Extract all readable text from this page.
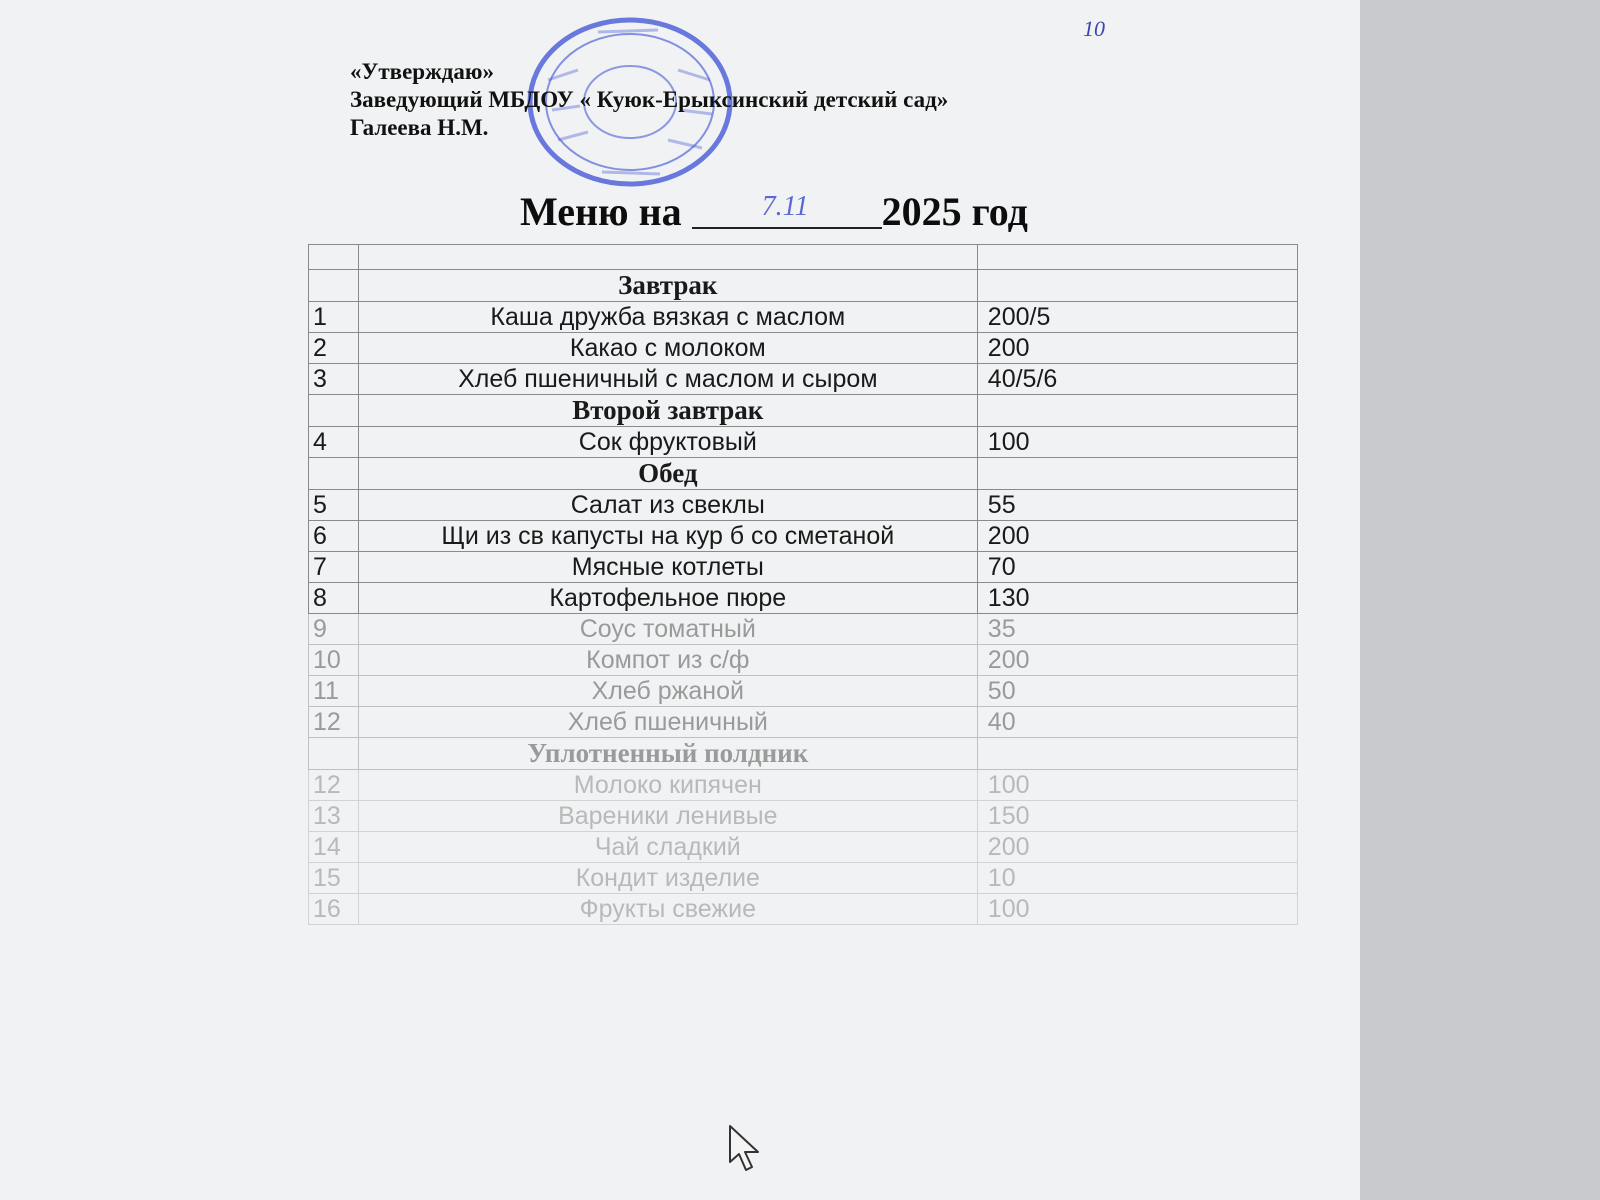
10
«Утверждаю»
Заведующий МБДОУ « Куюк-Ерыксинский детский сад»
Галеева Н.М.
Меню на	7.11 2025 год

	Завтрак	
1	Каша дружба вязкая с маслом	200/5
2	Какао с молоком	200
3	Хлеб пшеничный с маслом и сыром	40/5/6
	Второй завтрак	
4	Сок фруктовый	100
	Обед	
5	Салат из свеклы	55
6	Щи из св капусты на кур б со сметаной	200
7	Мясные котлеты	70
8	Картофельное пюре	130
9	Соус томатный	35
10	Компот из с/ф	200
11	Хлеб ржаной	50
12	Хлеб пшеничный	40
	Уплотненный полдник	
12	Молоко кипячен	100
13	Вареники ленивые	150
14	Чай сладкий	200
15	Кондит изделие	10
16	Фрукты свежие	100
